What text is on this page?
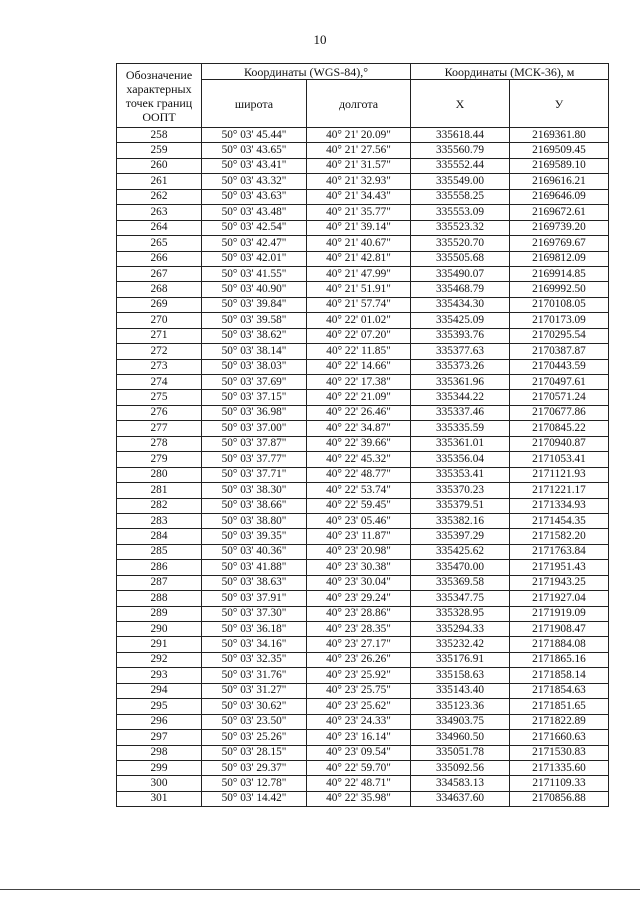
10
Обозначение характерных точек границ ООПТ	Координаты (WGS-84),°		Координаты (МСК-36), м	
	широта	долгота	X	У
258	50° 03' 45.44"	40° 21' 20.09"	335618.44	2169361.80
259	50° 03' 43.65"	40° 21' 27.56"	335560.79	2169509.45
260	50° 03' 43.41"	40° 21' 31.57"	335552.44	2169589.10
261	50° 03' 43.32"	40° 21' 32.93"	335549.00	2169616.21
262	50° 03' 43.63"	40° 21' 34.43"	335558.25	2169646.09
263	50° 03' 43.48"	40° 21' 35.77"	335553.09	2169672.61
264	50° 03' 42.54"	40° 21' 39.14"	335523.32	2169739.20
265	50° 03' 42.47"	40° 21' 40.67"	335520.70	2169769.67
266	50° 03' 42.01"	40° 21' 42.81"	335505.68	2169812.09
267	50° 03' 41.55"	40° 21' 47.99"	335490.07	2169914.85
268	50° 03' 40.90"	40° 21' 51.91"	335468.79	2169992.50
269	50° 03' 39.84"	40° 21' 57.74"	335434.30	2170108.05
270	50° 03' 39.58"	40° 22' 01.02"	335425.09	2170173.09
271	50° 03' 38.62"	40° 22' 07.20"	335393.76	2170295.54
272	50° 03' 38.14"	40° 22' 11.85"	335377.63	2170387.87
273	50° 03' 38.03"	40° 22' 14.66"	335373.26	2170443.59
274	50° 03' 37.69"	40° 22' 17.38"	335361.96	2170497.61
275	50° 03' 37.15"	40° 22' 21.09"	335344.22	2170571.24
276	50° 03' 36.98"	40° 22' 26.46"	335337.46	2170677.86
277	50° 03' 37.00"	40° 22' 34.87"	335335.59	2170845.22
278	50° 03' 37.87"	40° 22' 39.66"	335361.01	2170940.87
279	50° 03' 37.77"	40° 22' 45.32"	335356.04	2171053.41
280	50° 03' 37.71"	40° 22' 48.77"	335353.41	2171121.93
281	50° 03' 38.30"	40° 22' 53.74"	335370.23	2171221.17
282	50° 03' 38.66"	40° 22' 59.45"	335379.51	2171334.93
283	50° 03' 38.80"	40° 23' 05.46"	335382.16	2171454.35
284	50° 03' 39.35"	40° 23' 11.87"	335397.29	2171582.20
285	50° 03' 40.36"	40° 23' 20.98"	335425.62	2171763.84
286	50° 03' 41.88"	40° 23' 30.38"	335470.00	2171951.43
287	50° 03' 38.63"	40° 23' 30.04"	335369.58	2171943.25
288	50° 03' 37.91"	40° 23' 29.24"	335347.75	2171927.04
289	50° 03' 37.30"	40° 23' 28.86"	335328.95	2171919.09
290	50° 03' 36.18"	40° 23' 28.35"	335294.33	2171908.47
291	50° 03' 34.16"	40° 23' 27.17"	335232.42	2171884.08
292	50° 03' 32.35"	40° 23' 26.26"	335176.91	2171865.16
293	50° 03' 31.76"	40° 23' 25.92"	335158.63	2171858.14
294	50° 03' 31.27"	40° 23' 25.75"	335143.40	2171854.63
295	50° 03' 30.62"	40° 23' 25.62"	335123.36	2171851.65
296	50° 03' 23.50"	40° 23' 24.33"	334903.75	2171822.89
297	50° 03' 25.26"	40° 23' 16.14"	334960.50	2171660.63
298	50° 03' 28.15"	40° 23' 09.54"	335051.78	2171530.83
299	50° 03' 29.37"	40° 22' 59.70"	335092.56	2171335.60
300	50° 03' 12.78"	40° 22' 48.71"	334583.13	2171109.33
301	50° 03' 14.42"	40° 22' 35.98"	334637.60	2170856.88
